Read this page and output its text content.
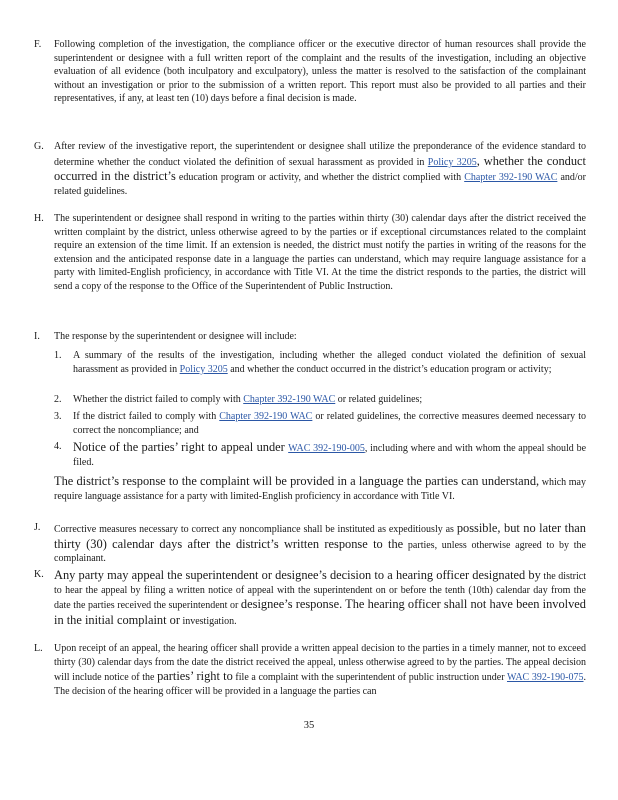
F.	Following completion of the investigation, the compliance officer or the executive director of human resources shall provide the superintendent or designee with a full written report of the complaint and the results of the investigation, including an objective evaluation of all evidence (both inculpatory and exculpatory), unless the matter is resolved to the satisfaction of the complainant without an investigation or prior to the submission of a written report. This report must also be provided to all parties and their representatives, if any, at least ten (10) days before a final decision is made.
G.	After review of the investigative report, the superintendent or designee shall utilize the preponderance of the evidence standard to determine whether the conduct violated the definition of sexual harassment as provided in Policy 3205, whether the conduct occurred in the district’s education program or activity, and whether the district complied with Chapter 392-190 WAC and/or related guidelines.
H.	The superintendent or designee shall respond in writing to the parties within thirty (30) calendar days after the district received the written complaint by the district, unless otherwise agreed to by the parties or if exceptional circumstances related to the complaint require an extension of the time limit. If an extension is needed, the district must notify the parties in writing of the reasons for the extension and the anticipated response date in a language the parties can understand, which may require language assistance for a party with limited-English proficiency, in accordance with Title VI. At the time the district responds to the parties, the district will send a copy of the response to the Office of the Superintendent of Public Instruction.
I.	The response by the superintendent or designee will include:
1.	A summary of the results of the investigation, including whether the alleged conduct violated the definition of sexual harassment as provided in Policy 3205 and whether the conduct occurred in the district’s education program or activity;
2.	Whether the district failed to comply with Chapter 392-190 WAC or related guidelines;
3.	If the district failed to comply with Chapter 392-190 WAC or related guidelines, the corrective measures deemed necessary to correct the noncompliance; and
4. Notice of the parties’ right to appeal under WAC 392-190-005, including where and with whom the appeal should be filed.
The district’s response to the complaint will be provided in a language the parties can understand, which may require language assistance for a party with limited-English proficiency in accordance with Title VI.
J.	Corrective measures necessary to correct any noncompliance shall be instituted as expeditiously as possible, but no later than thirty (30) calendar days after the district’s written response to the parties, unless otherwise agreed to by the complainant.
K. Any party may appeal the superintendent or designee’s decision to a hearing officer designated by the district to hear the appeal by filing a written notice of appeal with the superintendent on or before the tenth (10th) calendar day from the date the parties received the superintendent or designee’s response. The hearing officer shall not have been involved in the initial complaint or investigation.
L.	Upon receipt of an appeal, the hearing officer shall provide a written appeal decision to the parties in a timely manner, not to exceed thirty (30) calendar days from the date the district received the appeal, unless otherwise agreed to by the parties. The appeal decision will include notice of the parties’ right to file a complaint with the superintendent of public instruction under WAC 392-190-075. The decision of the hearing officer will be provided in a language the parties can
35
